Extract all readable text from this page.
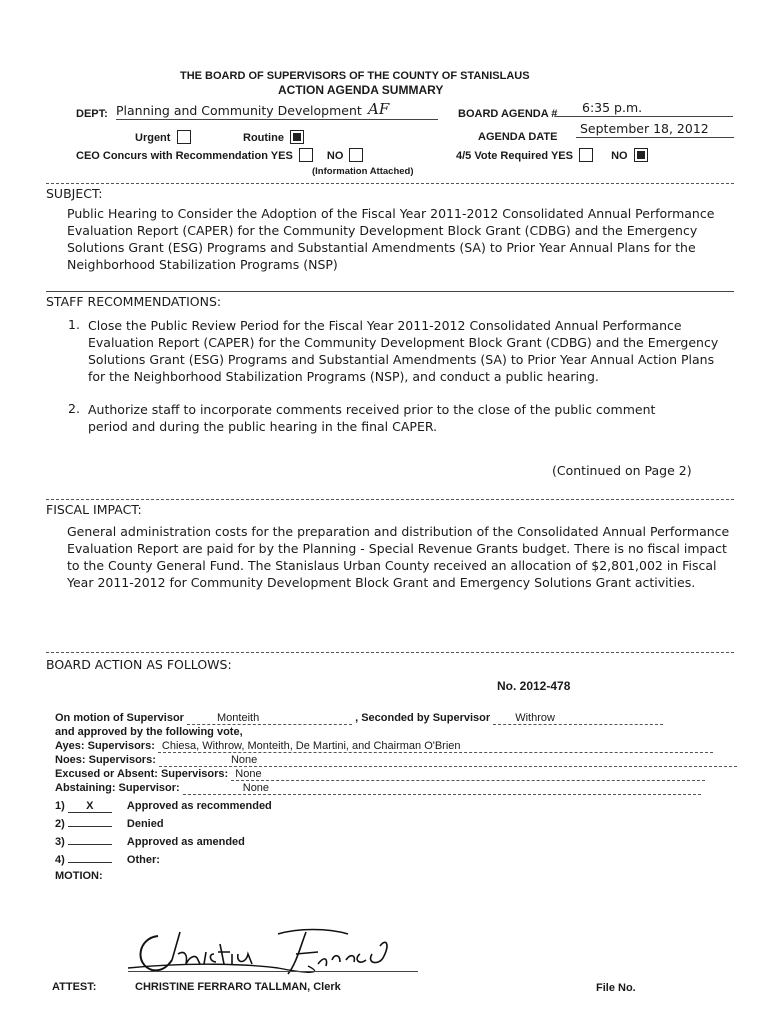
THE BOARD OF SUPERVISORS OF THE COUNTY OF STANISLAUS
ACTION AGENDA SUMMARY
DEPT: Planning and Community Development AF	BOARD AGENDA # 6:35 p.m.
Urgent	Routine	AGENDA DATE
September 18, 2012
CEO Concurs with Recommendation YES	NO
(Information Attached)
4/5 Vote Required YES	NO
SUBJECT:
Public Hearing to Consider the Adoption of the Fiscal Year 2011-2012 Consolidated Annual Performance Evaluation Report (CAPER) for the Community Development Block Grant (CDBG) and the Emergency Solutions Grant (ESG) Programs and Substantial Amendments (SA) to Prior Year Annual Plans for the Neighborhood Stabilization Programs (NSP)
STAFF RECOMMENDATIONS:
1. Close the Public Review Period for the Fiscal Year 2011-2012 Consolidated Annual Performance Evaluation Report (CAPER) for the Community Development Block Grant (CDBG) and the Emergency Solutions Grant (ESG) Programs and Substantial Amendments (SA) to Prior Year Annual Action Plans for the Neighborhood Stabilization Programs (NSP), and conduct a public hearing.
2. Authorize staff to incorporate comments received prior to the close of the public comment period and during the public hearing in the final CAPER.
(Continued on Page 2)
FISCAL IMPACT:
General administration costs for the preparation and distribution of the Consolidated Annual Performance Evaluation Report are paid for by the Planning - Special Revenue Grants budget. There is no fiscal impact to the County General Fund. The Stanislaus Urban County received an allocation of $2,801,002 in Fiscal Year 2011-2012 for Community Development Block Grant and Emergency Solutions Grant activities.
BOARD ACTION AS FOLLOWS:
No. 2012-478
On motion of Supervisor	Monteith	, Seconded by Supervisor Withrow
and approved by the following vote,
Ayes: Supervisors: Chiesa, Withrow, Monteith, De Martini, and Chairman O'Brien
Noes: Supervisors:	None
Excused or Absent: Supervisors: None
Abstaining: Supervisor:	None
1) X	Approved as recommended
2)	Denied
3)	Approved as amended
4)	Other:
MOTION:
ATTEST:	CHRISTINE FERRARO TALLMAN, Clerk	File No.
